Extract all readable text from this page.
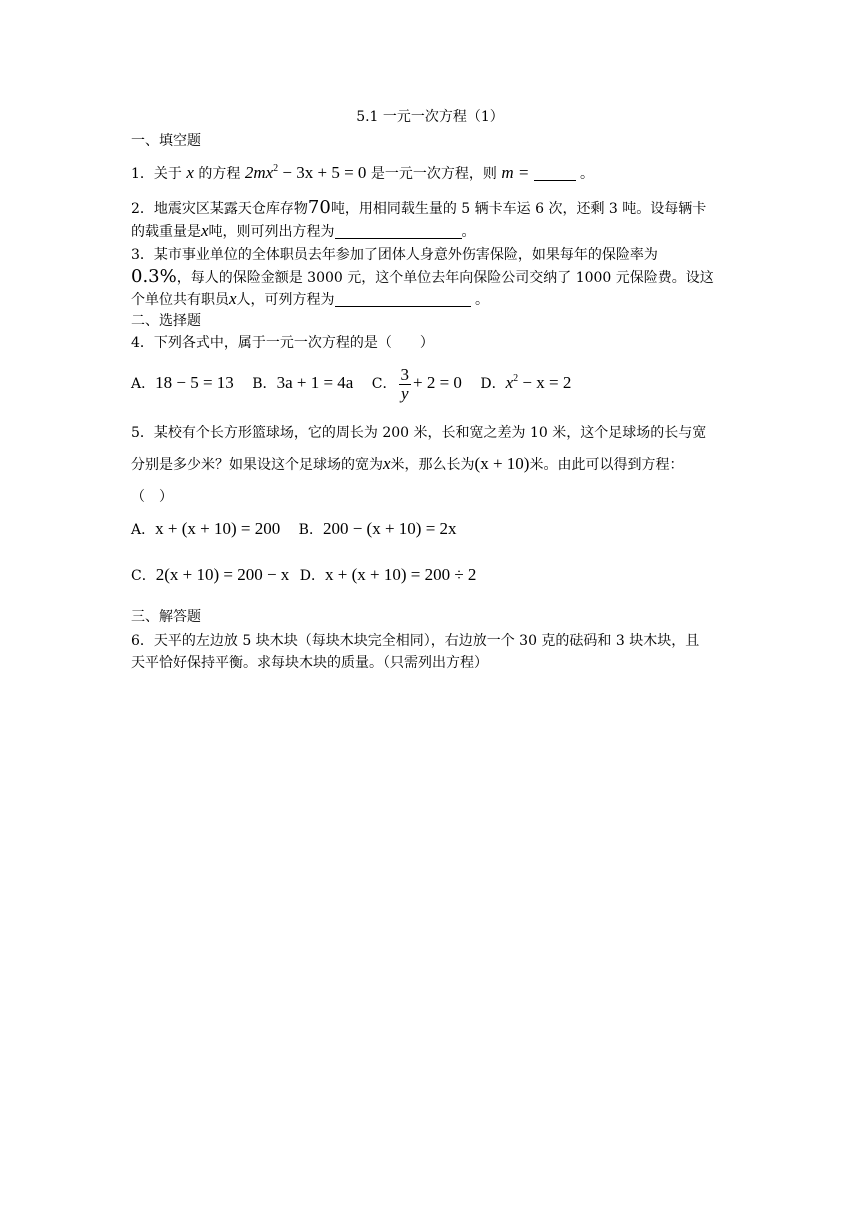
5.1 一元一次方程（1）
一、填空题
1．关于 x 的方程 $2mx^2 - 3x + 5 = 0$ 是一元一次方程，则 m =	。
2．地震灾区某露天仓库存物70吨，用相同载生量的 5 辆卡车运 6 次，还剩 3 吨。设每辆卡
的载重量是x吨，则可列出方程为	。
3．某市事业单位的全体职员去年参加了团体人身意外伤害保险，如果每年的保险率为
0.3%，每人的保险金额是 3000 元，这个单位去年向保险公司交纳了 1000 元保险费。设这
个单位共有职员x人，可列方程为	。
二、选择题
4．下列各式中，属于一元一次方程的是（　　）
A．18 − 5 = 13 B．3a + 1 = 4a C． $\frac{3}{y} + 2 = 0$ D．$x^2 - x = 2$
5．某校有个长方形篮球场，它的周长为 200 米，长和宽之差为 10 米，这个足球场的长与宽
分别是多少米？如果设这个足球场的宽为x米，那么长为(x + 10)米。由此可以得到方程：
（　）
A．x + (x + 10) = 200 B．200 − (x + 10) = 2x
C．2(x + 10) = 200 − x D．x + (x + 10) = 200 ÷ 2
三、解答题
6．天平的左边放 5 块木块（每块木块完全相同），右边放一个 30 克的砝码和 3 块木块，且
天平恰好保持平衡。求每块木块的质量。（只需列出方程）
